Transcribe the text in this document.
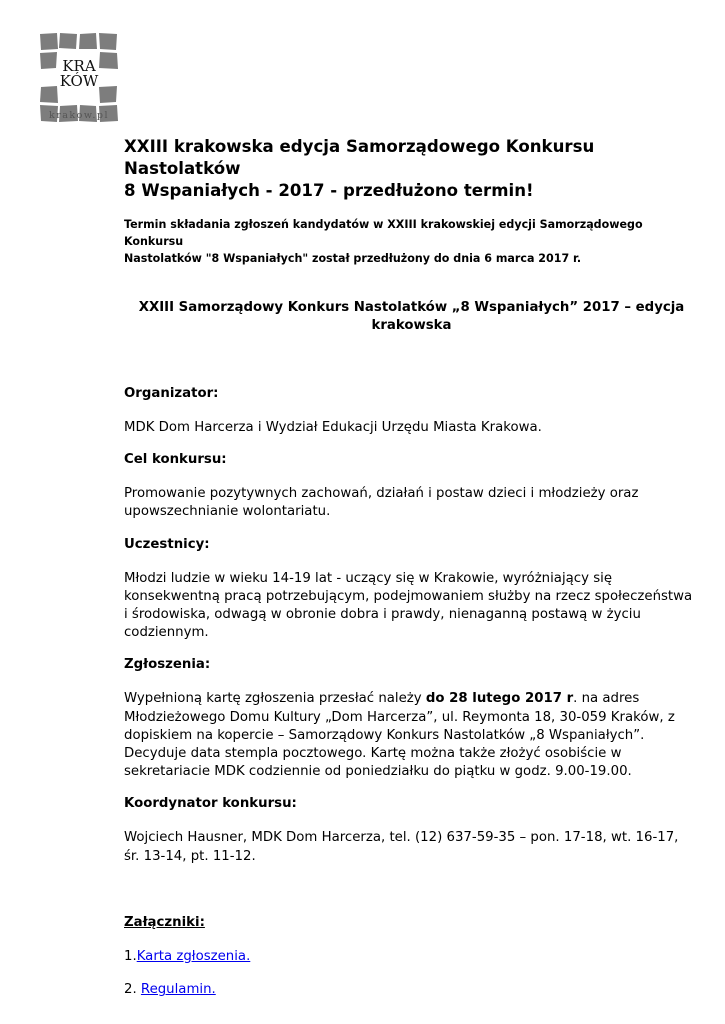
KRA
KÓW
krakow.pl
XXIII krakowska edycja Samorządowego Konkursu Nastolatków
8 Wspaniałych - 2017 - przedłużono termin!

Termin składania zgłoszeń kandydatów w XXIII krakowskiej edycji Samorządowego Konkursu
Nastolatków "8 Wspaniałych" został przedłużony do dnia 6 marca 2017 r.

XXIII Samorządowy Konkurs Nastolatków „8 Wspaniałych” 2017 – edycja
krakowska
Organizator:

MDK Dom Harcerza i Wydział Edukacji Urzędu Miasta Krakowa.

Cel konkursu:

Promowanie pozytywnych zachowań, działań i postaw dzieci i młodzieży oraz
upowszechnianie wolontariatu.

Uczestnicy:

Młodzi ludzie w wieku 14-19 lat - uczący się w Krakowie, wyróżniający się
konsekwentną pracą potrzebującym, podejmowaniem służby na rzecz społeczeństwa
i środowiska, odwagą w obronie dobra i prawdy, nienaganną postawą w życiu
codziennym.

Zgłoszenia:

Wypełnioną kartę zgłoszenia przesłać należy do 28 lutego 2017 r. na adres
Młodzieżowego Domu Kultury „Dom Harcerza”, ul. Reymonta 18, 30-059 Kraków, z
dopiskiem na kopercie – Samorządowy Konkurs Nastolatków „8 Wspaniałych”.
Decyduje data stempla pocztowego. Kartę można także złożyć osobiście w
sekretariacie MDK codziennie od poniedziałku do piątku w godz. 9.00-19.00.

Koordynator konkursu:

Wojciech Hausner, MDK Dom Harcerza, tel. (12) 637-59-35 – pon. 17-18, wt. 16-17,
śr. 13-14, pt. 11-12.

Załączniki:

1.Karta zgłoszenia.

2. Regulamin.
